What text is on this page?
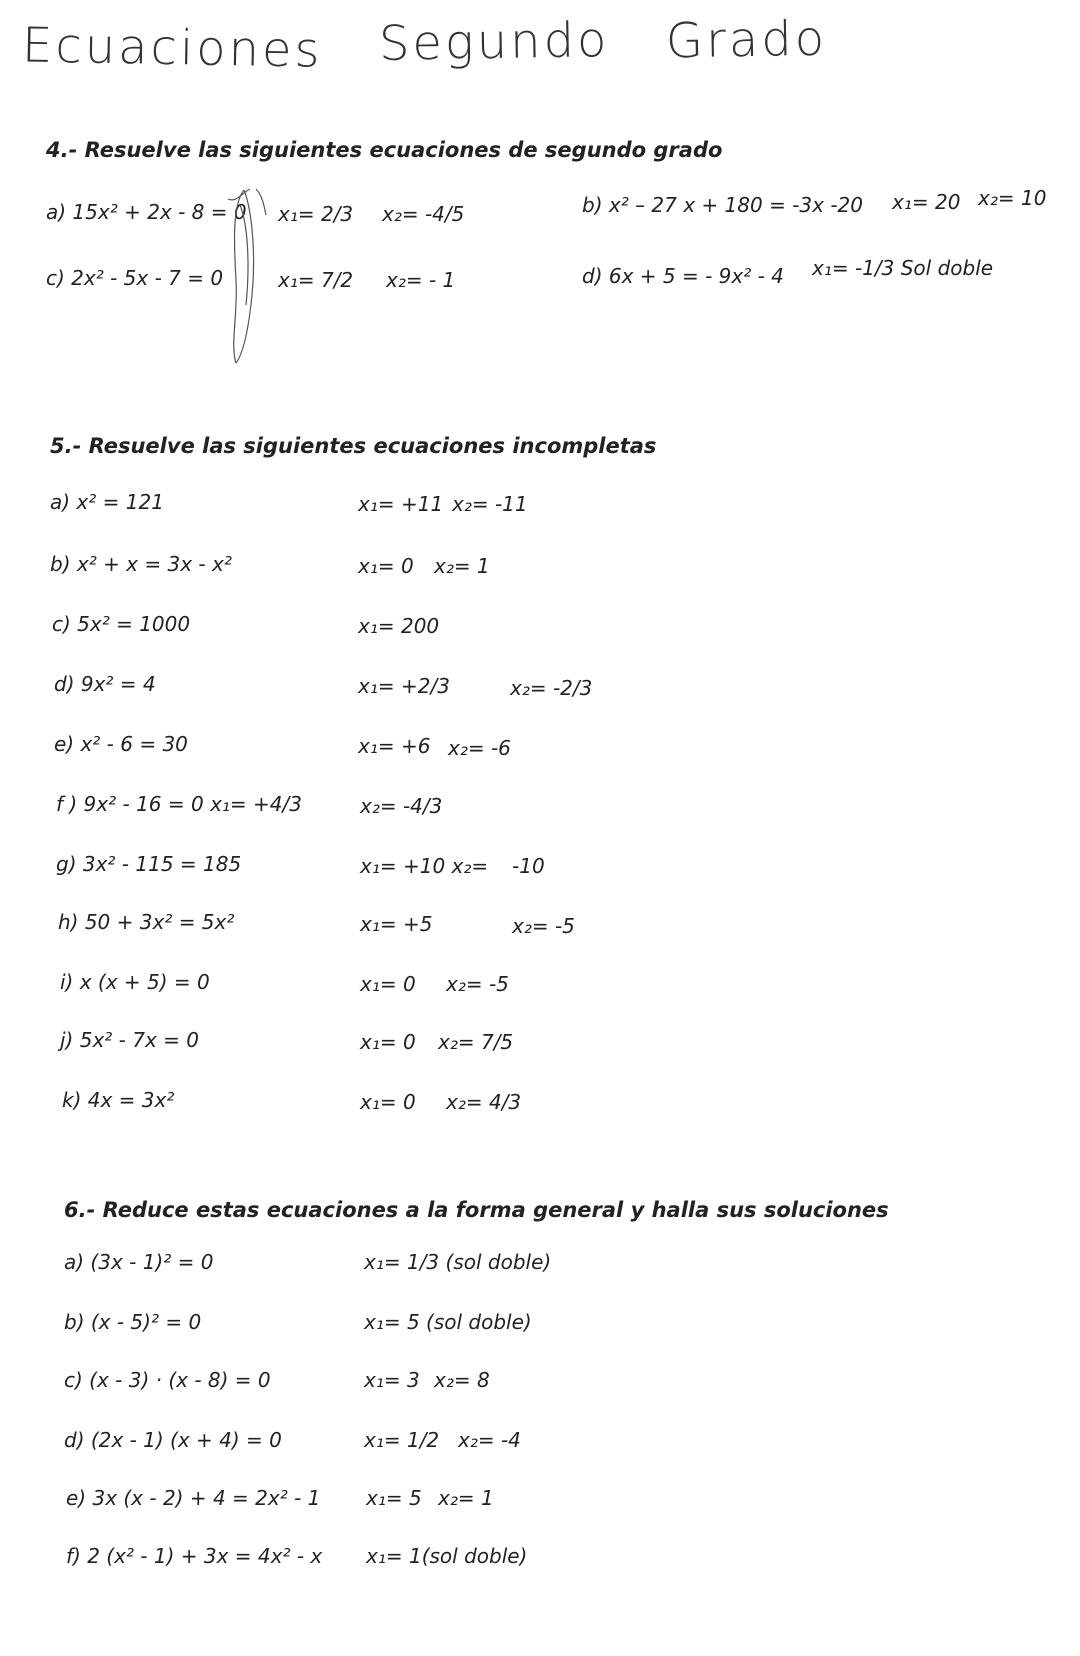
Ecuaciones Segundo Grado
4.- Resuelve las siguientes ecuaciones de segundo grado
a) 15x² + 2x - 8 = 0 x₁= 2/3 x₂= -4/5	b) x² – 27 x + 180 = -3x -20 x₁= 20 x₂= 10
c) 2x² - 5x - 7 = 0	x₁= 7/2 x₂= - 1	d) 6x + 5 = - 9x² - 4 x₁= -1/3 Sol doble
5.- Resuelve las siguientes ecuaciones incompletas
a) x² = 121	x₁= +11 x₂= -11
b) x² + x = 3x - x²	x₁= 0 x₂= 1
c) 5x² = 1000	x₁= 200
d) 9x² = 4	x₁= +2/3	x₂= -2/3
e) x² - 6 = 30	x₁= +6 x₂= -6
f ) 9x² - 16 = 0 x₁= +4/3	x₂= -4/3
g) 3x² - 115 = 185	x₁= +10 x₂= -10
h) 50 + 3x² = 5x²	x₁= +5	x₂= -5
i) x (x + 5) = 0	x₁= 0 x₂= -5
j) 5x² - 7x = 0	x₁= 0 x₂= 7/5
k) 4x = 3x²	x₁= 0 x₂= 4/3
6.- Reduce estas ecuaciones a la forma general y halla sus soluciones
a) (3x - 1)² = 0	x₁= 1/3 (sol doble)
b) (x - 5)² = 0	x₁= 5 (sol doble)
c) (x - 3) · (x - 8) = 0	x₁= 3 x₂= 8
d) (2x - 1) (x + 4) = 0	x₁= 1/2 x₂= -4
e) 3x (x - 2) + 4 = 2x² - 1 x₁= 5 x₂= 1
f) 2 (x² - 1) + 3x = 4x² - x x₁= 1(sol doble)
